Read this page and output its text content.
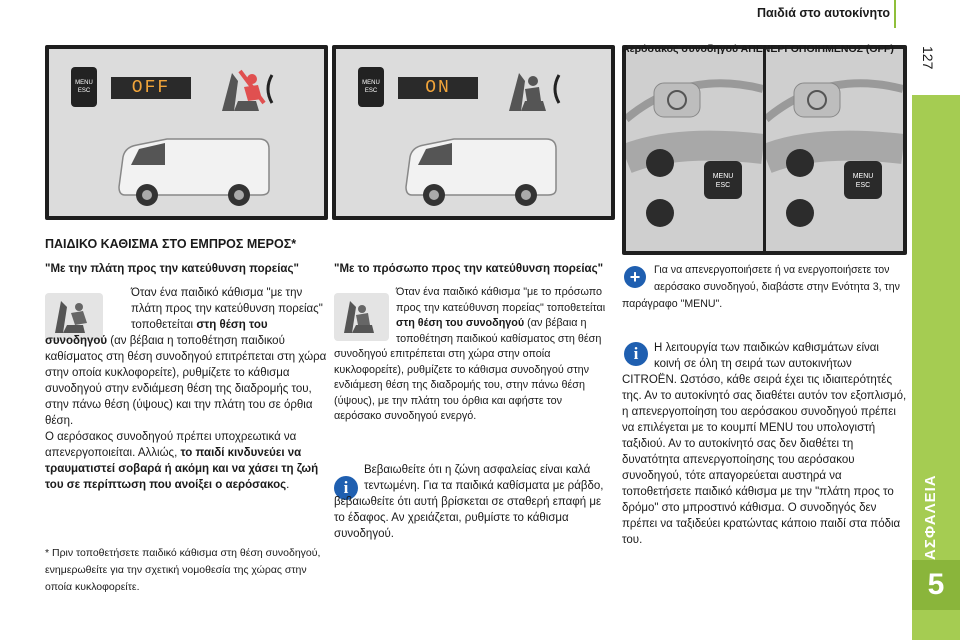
Παιδιά στο αυτοκίνητο
127
ΑΣΦΑΛΕΙΑ
5
MENU
ESC	OFF	MENU
ESC	ON
MENU
ESC
MENU
ESC
ΠΑΙΔΙΚΟ ΚΑΘΙΣΜΑ ΣΤΟ ΕΜΠΡΟΣ ΜΕΡΟΣ*
"Με την πλάτη προς την κατεύθυνση πορείας"	"Με το πρόσωπο προς την κατεύθυνση πορείας"
Αερόσακος συνοδηγού ΑΠΕΝΕΡΓΟΠΟΙΗΜΕΝΟΣ (OFF)
Όταν ένα παιδικό κάθισμα "με την πλάτη προς την κατεύθυνση πορείας" τοποθετείται στη θέση του συνοδηγού (αν βέβαια η τοποθέτηση παιδικού καθίσματος στη θέση συνοδηγού επιτρέπεται στη χώρα στην οποία κυκλοφορείτε), ρυθμίζετε το κάθισμα συνοδηγού στην ενδιάμεση θέση της διαδρομής του, στην πάνω θέση (ύψους) και την πλάτη του σε όρθια θέση.
Ο αερόσακος συνοδηγού πρέπει υποχρεωτικά να απενεργοποιείται. Αλλιώς, το παιδί κινδυνεύει να τραυματιστεί σοβαρά ή ακόμη και να χάσει τη ζωή του σε περίπτωση που ανοίξει ο αερόσακος.
* Πριν τοποθετήσετε παιδικό κάθισμα στη θέση συνοδηγού, ενημερωθείτε για την σχετική νομοθεσία της χώρας στην οποία κυκλοφορείτε.
Όταν ένα παιδικό κάθισμα "με το πρόσωπο προς την κατεύθυνση πορείας" τοποθετείται στη θέση του συνοδηγού (αν βέβαια η τοποθέτηση παιδικού καθίσματος στη θέση συνοδηγού επιτρέπεται στη χώρα στην οποία κυκλοφορείτε), ρυθμίζετε το κάθισμα συνοδηγού στην ενδιάμεση θέση της διαδρομής του, στην πάνω θέση (ύψους), με την πλάτη του όρθια και αφήστε τον αερόσακο συνοδηγού ενεργό.
i
Βεβαιωθείτε ότι η ζώνη ασφαλείας είναι καλά τεντωμένη. Για τα παιδικά καθίσματα με ράβδο, βεβαιωθείτε ότι αυτή βρίσκεται σε σταθερή επαφή με το έδαφος. Αν χρειάζεται, ρυθμίστε το κάθισμα συνοδηγού.
+	Για να απενεργοποιήσετε ή να ενεργοποιήσετε τον αερόσακο συνοδηγού, διαβάστε στην Ενότητα 3, την παράγραφο "MENU".
i	Η λειτουργία των παιδικών καθισμάτων είναι κοινή σε όλη τη σειρά των αυτοκινήτων CITROËN. Ωστόσο, κάθε σειρά έχει τις ιδιαιτερότητές της. Αν το αυτοκίνητό σας διαθέτει αυτόν τον εξοπλισμό, η απενεργοποίηση του αερόσακου συνοδηγού πρέπει να επιλέγεται με το κουμπί MENU του υπολογιστή ταξιδιού. Αν το αυτοκίνητό σας δεν διαθέτει τη δυνατότητα απενεργοποίησης του αερόσακου συνοδηγού, τότε απαγορεύεται αυστηρά να τοποθετήσετε παιδικό κάθισμα με την "πλάτη προς το δρόμο" στο μπροστινό κάθισμα. Ο συνοδηγός δεν πρέπει να ταξιδεύει κρατώντας κάποιο παιδί στα πόδια του.
